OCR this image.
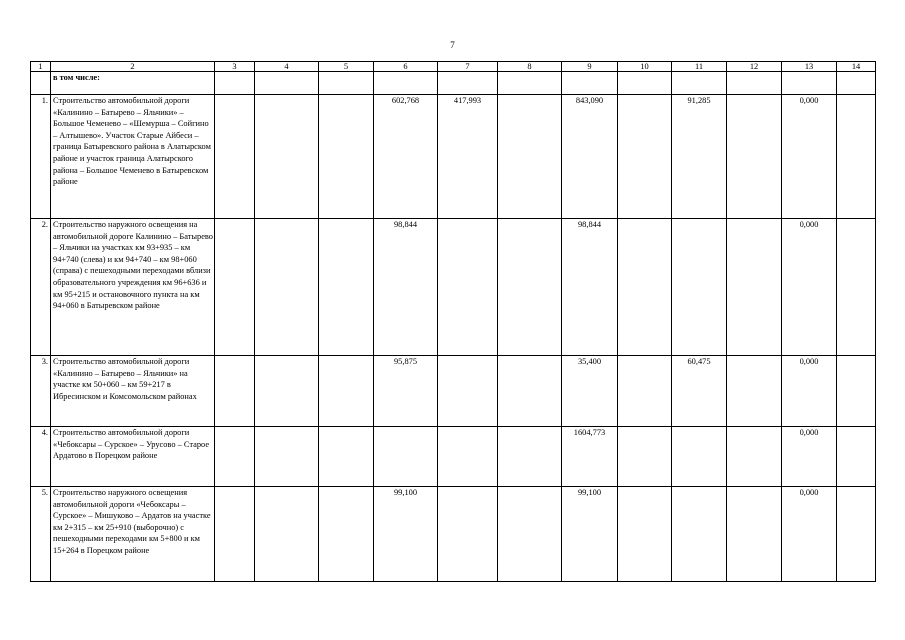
7
1	2	3	4	5	6	7	8	9	10	11	12	13	14
	в том числе:												
1.	Строительство автомобильной дороги «Калинино – Батырево – Яльчики» – Большое Чеменево – «Шемурша – Сойгино – Алтышево». Участок Старые Айбеси – граница Батыревского района в Алатырском районе и участок граница Алатырского района – Большое Чеменево в Батыревском районе				602,768	417,993		843,090		91,285		0,000	
2.	Строительство наружного освещения на автомобильной дороге Калинино – Батырево – Яльчики на участках км 93+935 – км 94+740 (слева) и км 94+740 – км 98+060 (справа) с пешеходными переходами вблизи образовательного учреждения км 96+636 и км 95+215 и остановочного пункта на км 94+060 в Батыревском районе				98,844			98,844				0,000	
3.	Строительство автомобильной дороги «Калинино – Батырево – Яльчики» на участке км 50+060 – км 59+217 в Ибресинском и Комсомольском районах				95,875			35,400		60,475		0,000	
4.	Строительство автомобильной дороги «Чебоксары – Сурское» – Урусово – Старое Ардатово в Порецком районе							1604,773				0,000	
5.	Строительство наружного освещения автомобильной дороги «Чебоксары – Сурское» – Мишуково – Ардатов на участке км 2+315 – км 25+910 (выборочно) с пешеходными переходами км 5+800 и км 15+264 в Порецком районе				99,100			99,100				0,000	
